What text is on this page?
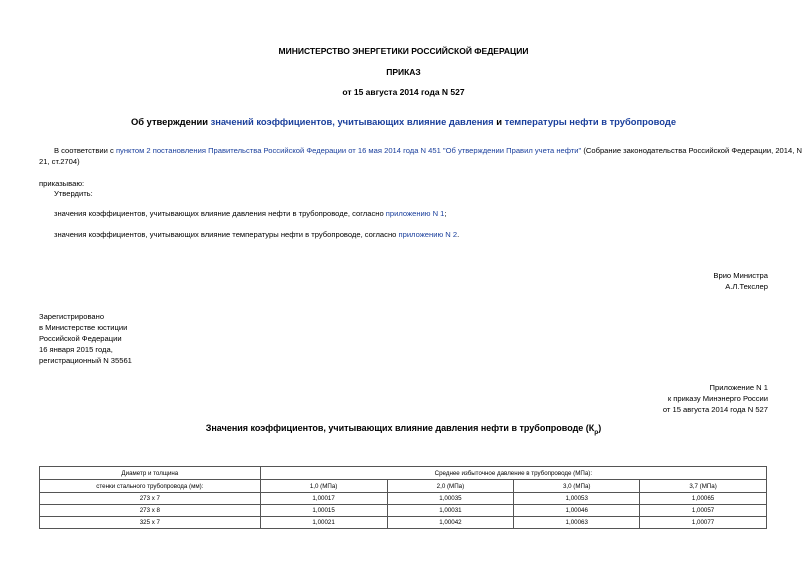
МИНИСТЕРСТВО ЭНЕРГЕТИКИ РОССИЙСКОЙ ФЕДЕРАЦИИ
ПРИКАЗ
от 15 августа 2014 года N 527
Об утверждении значений коэффициентов, учитывающих влияние давления и температуры нефти в трубопроводе
В соответствии с пунктом 2 постановления Правительства Российской Федерации от 16 мая 2014 года N 451 "Об утверждении Правил учета нефти" (Собрание законодательства Российской Федерации, 2014, N
21, ст.2704)
приказываю:
Утвердить:
значения коэффициентов, учитывающих влияние давления нефти в трубопроводе, согласно приложению N 1;
значения коэффициентов, учитывающих влияние температуры нефти в трубопроводе, согласно приложению N 2.
Врио Министра
А.Л.Текслер
Зарегистрировано
в Министерстве юстиции
Российской Федерации
16 января 2015 года,
регистрационный N 35561
Приложение N 1
к приказу Минэнерго России
от 15 августа 2014 года N 527
Значения коэффициентов, учитывающих влияние давления нефти в трубопроводе $(К_p)$
Диаметр и толщина	Среднее избыточное давление в трубопроводе (МПа):			
стенки стального трубопровода (мм):	1,0 (МПа)	2,0 (МПа)	3,0 (МПа)	3,7 (МПа)
273 x 7	1,00017	1,00035	1,00053	1,00065
273 x 8	1,00015	1,00031	1,00046	1,00057
325 x 7	1,00021	1,00042	1,00063	1,00077
